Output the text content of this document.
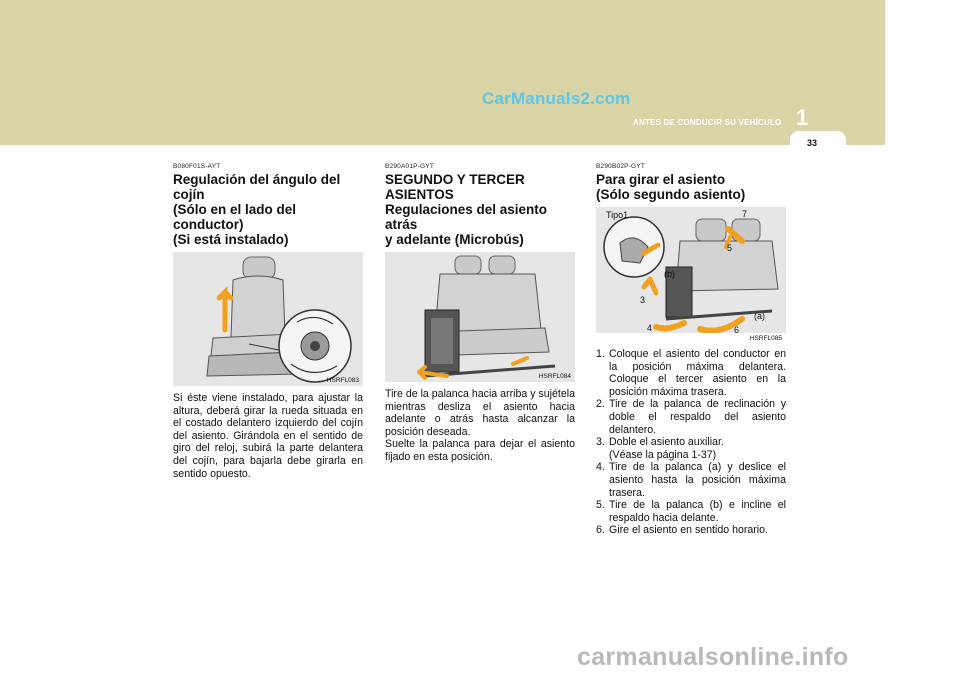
CarManuals2.com
ANTES DE CONDUCIR SU VEHÍCULO 1
33
B080F01S-AYT
Regulación del ángulo del cojín
(Sólo en el lado del conductor)
(Si está instalado)
HSRFL083
Si éste viene instalado, para ajustar la altura, deberá girar la rueda situada en el costado delantero izquierdo del cojín del asiento. Girándola en el sentido de giro del reloj, subirá la parte delantera del cojín, para bajarla debe girarla en sentido opuesto.
B290A01P-GYT
SEGUNDO Y TERCER
ASIENTOS
Regulaciones del asiento atrás
y adelante (Microbús)
HSRFL084
Tire de la palanca hacia arriba y sujétela mientras desliza el asiento hacia adelante o atrás hasta alcanzar la posición deseada.
Suelte la palanca para dejar el asiento fijado en esta posición.
B290B02P-GYT
Para girar el asiento
(Sólo segundo asiento)
Tipo1	7
5
(b)
3
(a)
4	6
HSRFL085
1. Coloque el asiento del conductor en la posición máxima delantera. Coloque el tercer asiento en la posición máxima trasera.
2. Tire de la palanca de reclinación y doble el respaldo del asiento delantero.
3. Doble el asiento auxiliar.
(Véase la página 1-37)
4. Tire de la palanca (a) y deslice el asiento hasta la posición máxima trasera.
5. Tire de la palanca (b) e incline el respaldo hacia delante.
6. Gire el asiento en sentido horario.
carmanualsonline.info
